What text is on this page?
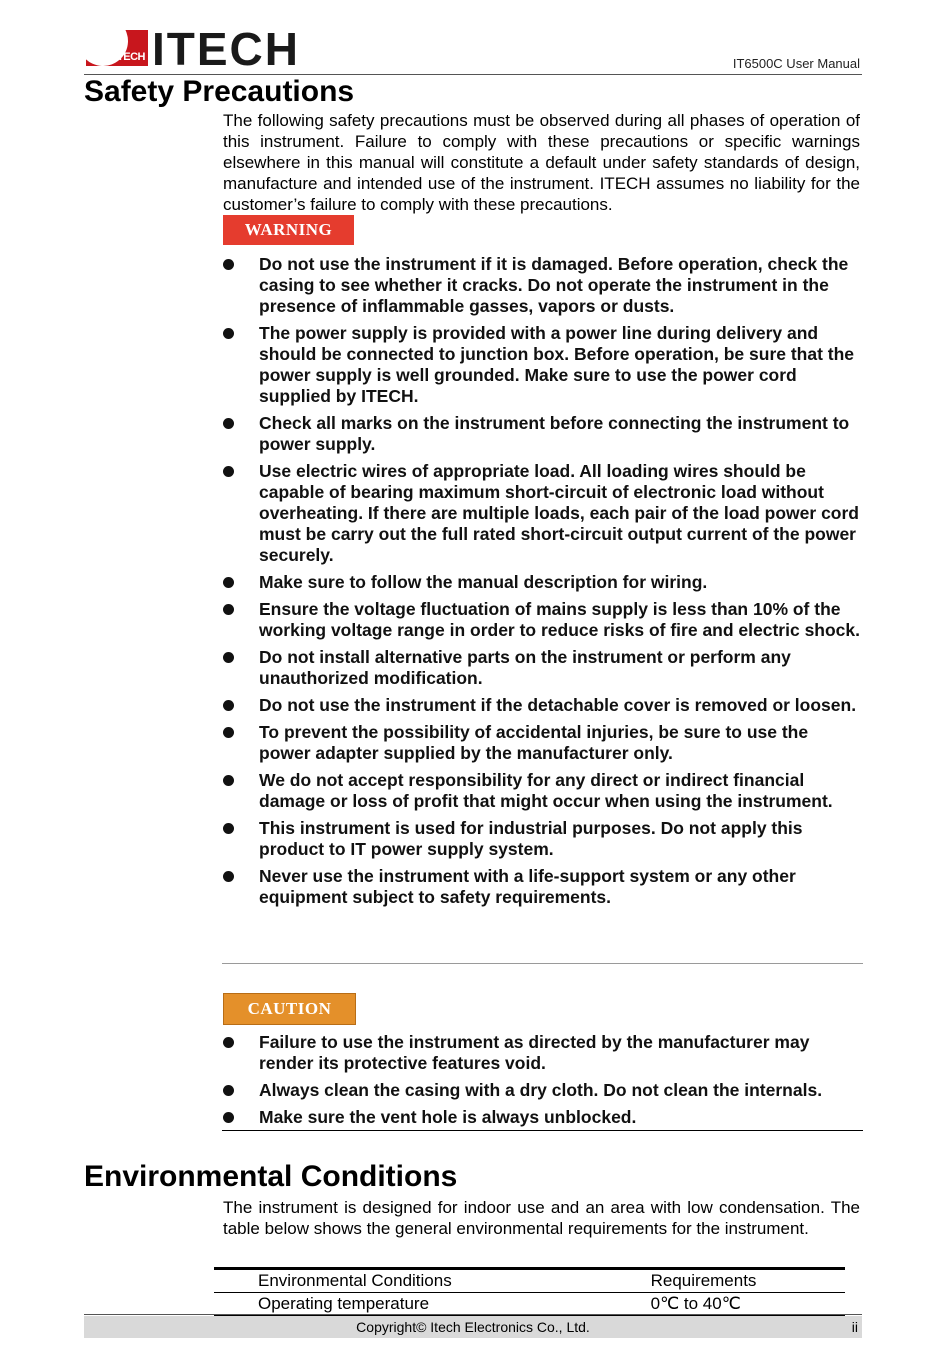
ITECH ITECH	IT6500C User Manual
Safety Precautions

The following safety precautions must be observed during all phases of operation of this instrument. Failure to comply with these precautions or specific warnings elsewhere in this manual will constitute a default under safety standards of design, manufacture and intended use of the instrument. ITECH assumes no liability for the customer’s failure to comply with these precautions.

WARNING
Do not use the instrument if it is damaged. Before operation, check the casing to see whether it cracks. Do not operate the instrument in the presence of inflammable gasses, vapors or dusts.
The power supply is provided with a power line during delivery and should be connected to junction box. Before operation, be sure that the power supply is well grounded. Make sure to use the power cord supplied by ITECH.
Check all marks on the instrument before connecting the instrument to power supply.
Use electric wires of appropriate load. All loading wires should be capable of bearing maximum short-circuit of electronic load without overheating. If there are multiple loads, each pair of the load power cord must be carry out the full rated short-circuit output current of the power securely.
Make sure to follow the manual description for wiring.
Ensure the voltage fluctuation of mains supply is less than 10% of the working voltage range in order to reduce risks of fire and electric shock.
Do not install alternative parts on the instrument or perform any unauthorized modification.
Do not use the instrument if the detachable cover is removed or loosen.
To prevent the possibility of accidental injuries, be sure to use the power adapter supplied by the manufacturer only.
We do not accept responsibility for any direct or indirect financial damage or loss of profit that might occur when using the instrument.
This instrument is used for industrial purposes. Do not apply this product to IT power supply system.
Never use the instrument with a life-support system or any other equipment subject to safety requirements.
CAUTION
Failure to use the instrument as directed by the manufacturer may render its protective features void.
Always clean the casing with a dry cloth. Do not clean the internals.
Make sure the vent hole is always unblocked.
Environmental Conditions

The instrument is designed for indoor use and an area with low condensation. The table below shows the general environmental requirements for the instrument.

Environmental Conditions	Requirements
Operating temperature	0℃ to 40℃
Copyright© Itech Electronics Co., Ltd.	ii
